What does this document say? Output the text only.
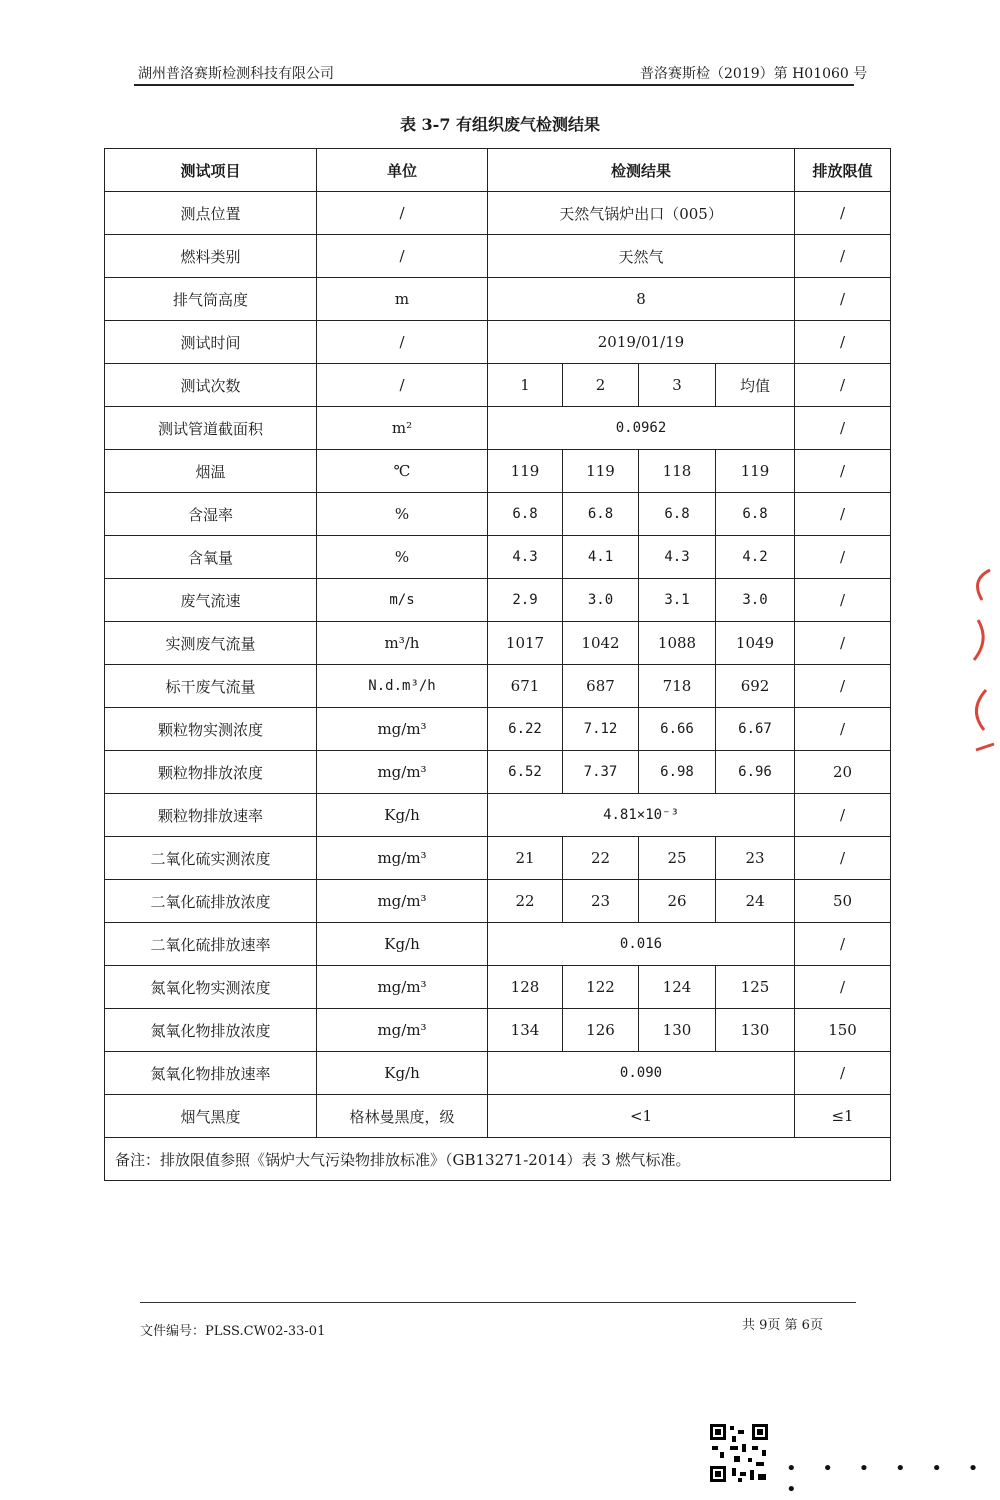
湖州普洛赛斯检测科技有限公司	普洛赛斯检（2019）第 H01060 号
表 3-7 有组织废气检测结果
测试项目	单位	检测结果				排放限值
测点位置	/	天然气锅炉出口（005）				/
燃料类别	/	天然气				/
排气筒高度	m	8				/
测试时间	/	2019/01/19				/
测试次数	/	1	2	3	均值	/
测试管道截面积	m²	0.0962				/
烟温	℃	119	119	118	119	/
含湿率	%	6.8	6.8	6.8	6.8	/
含氧量	%	4.3	4.1	4.3	4.2	/
废气流速	m/s	2.9	3.0	3.1	3.0	/
实测废气流量	m³/h	1017	1042	1088	1049	/
标干废气流量	N.d.m³/h	671	687	718	692	/
颗粒物实测浓度	mg/m³	6.22	7.12	6.66	6.67	/
颗粒物排放浓度	mg/m³	6.52	7.37	6.98	6.96	20
颗粒物排放速率	Kg/h	4.81×10⁻³				/
二氧化硫实测浓度	mg/m³	21	22	25	23	/
二氧化硫排放浓度	mg/m³	22	23	26	24	50
二氧化硫排放速率	Kg/h	0.016				/
氮氧化物实测浓度	mg/m³	128	122	124	125	/
氮氧化物排放浓度	mg/m³	134	126	130	130	150
氮氧化物排放速率	Kg/h	0.090				/
烟气黑度	格林曼黑度，级	<1				≤1
备注：排放限值参照《锅炉大气污染物排放标准》（GB13271-2014）表 3 燃气标准。						
文件编号：PLSS.CW02-33-01	共 9页 第 6页
• • • • • • •
